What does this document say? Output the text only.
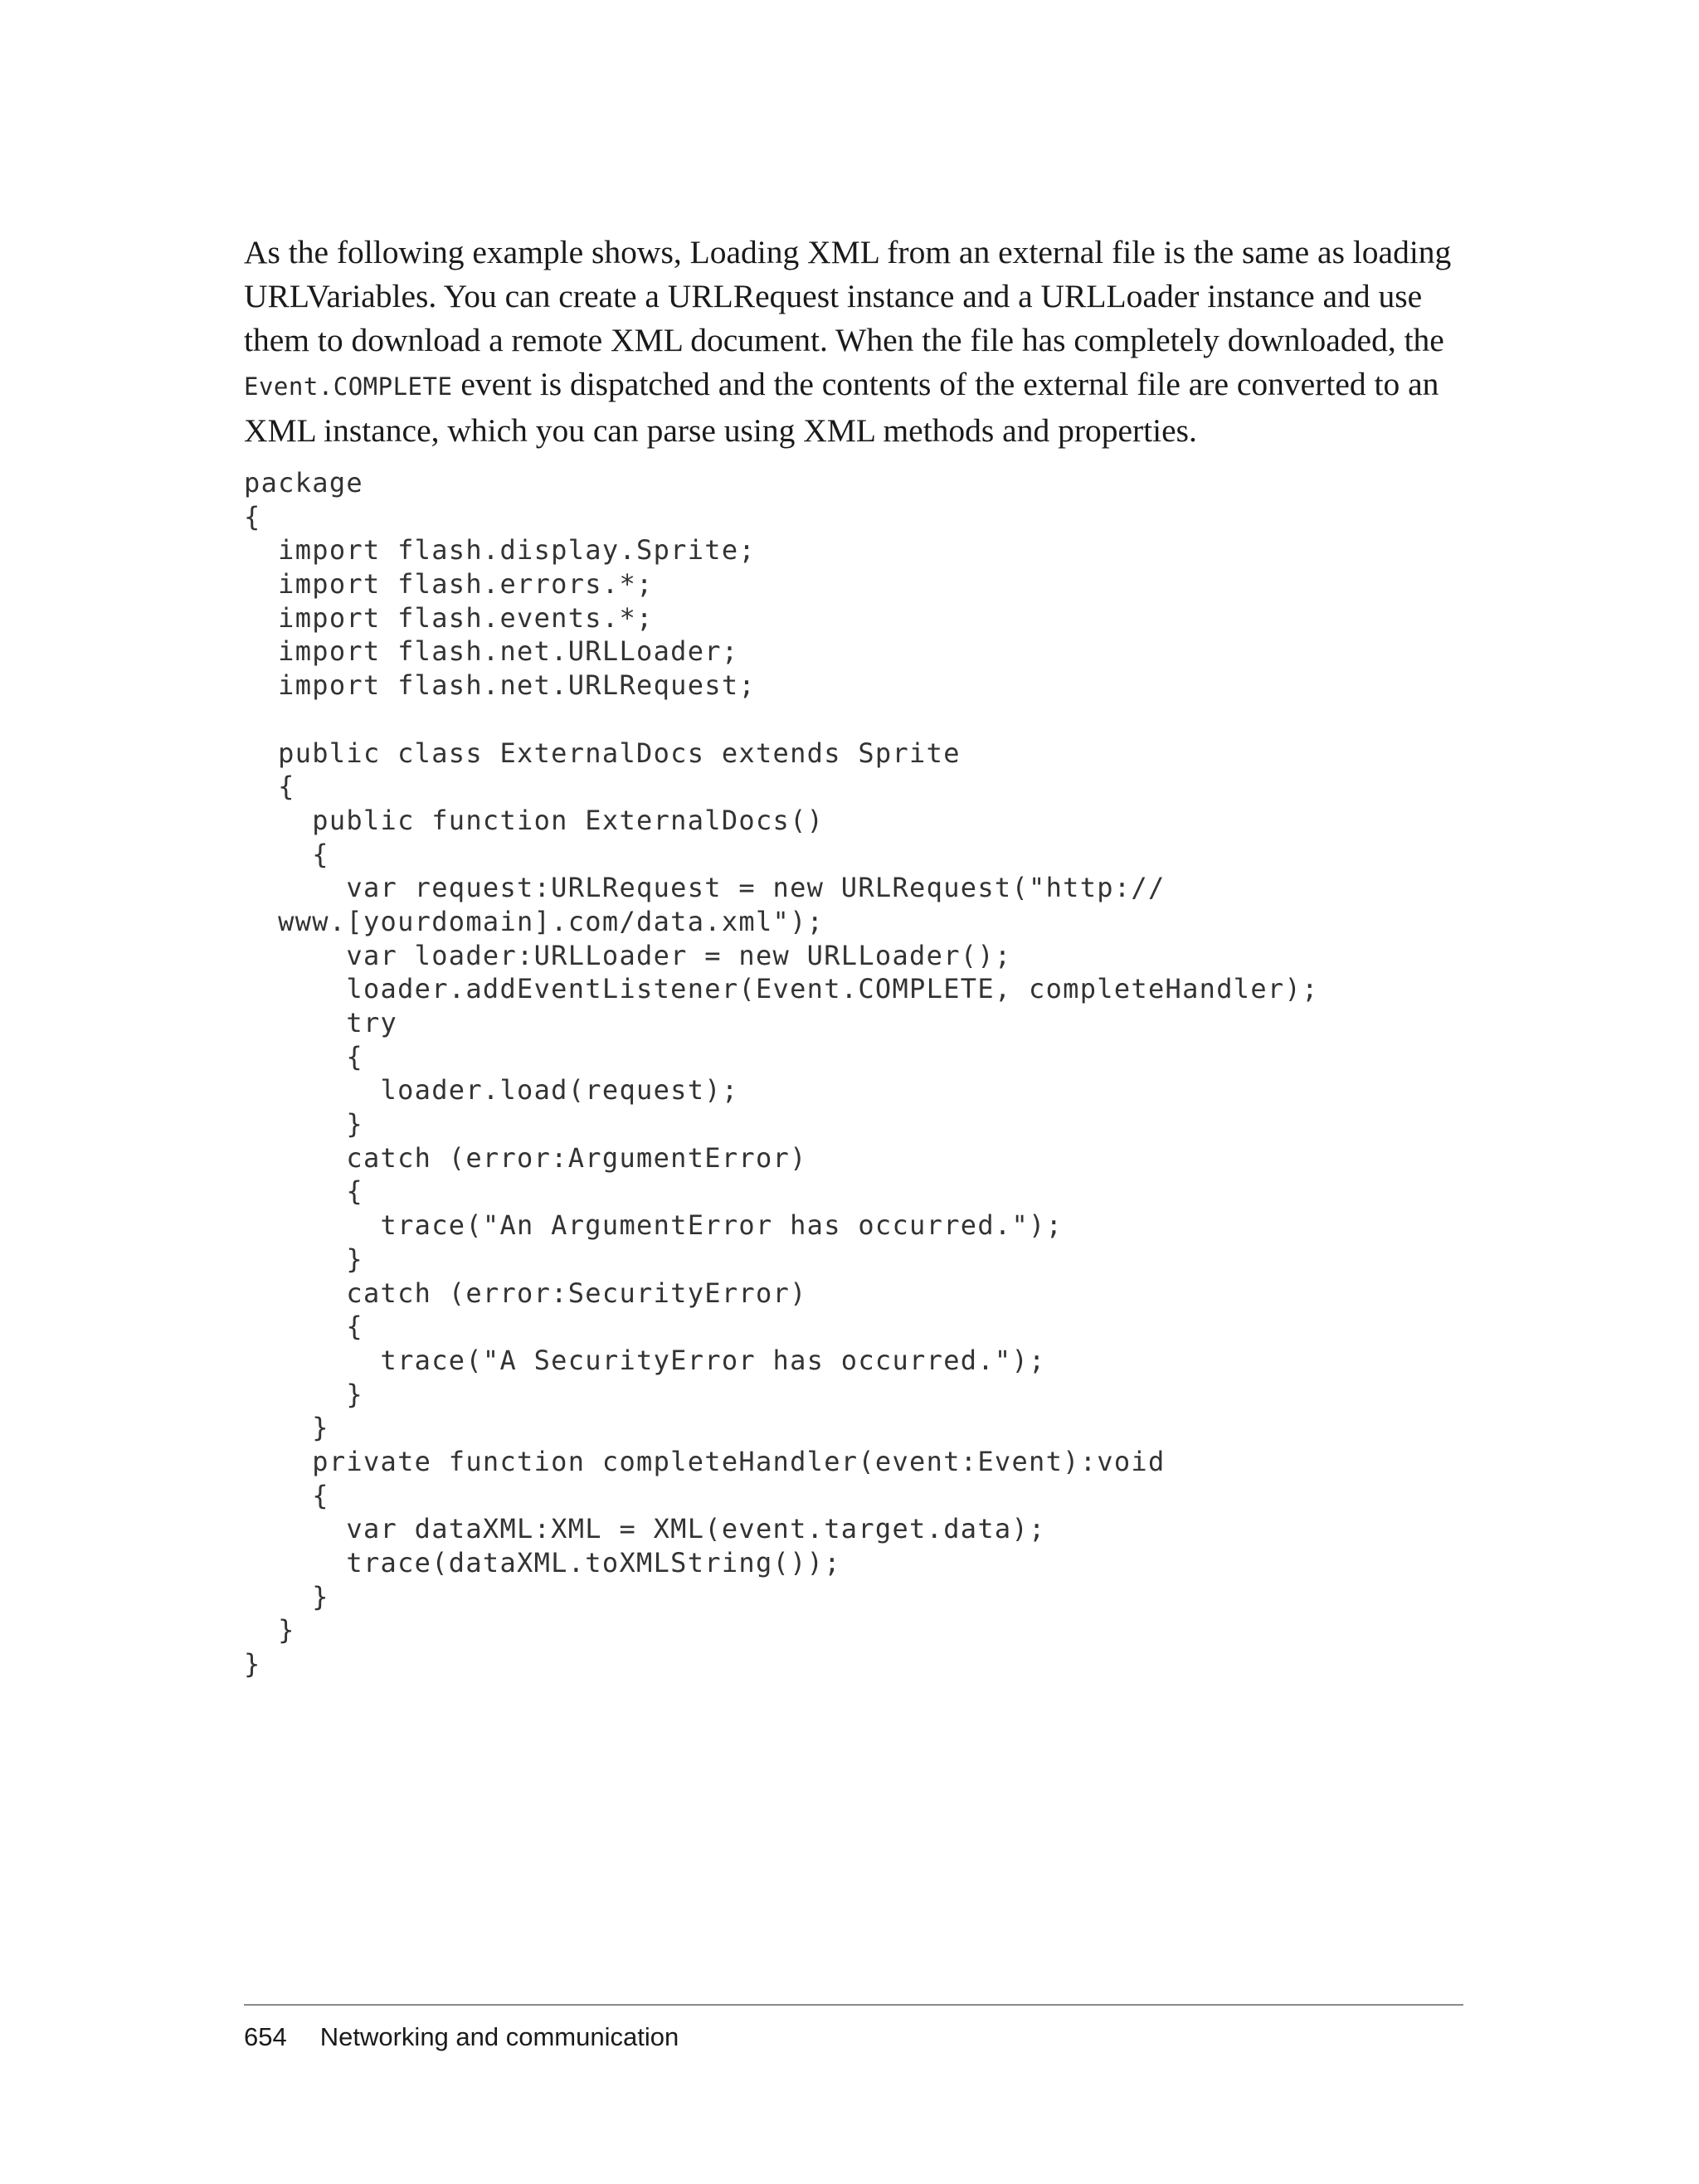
As the following example shows, Loading XML from an external file is the same as loading
URLVariables. You can create a URLRequest instance and a URLLoader instance and use
them to download a remote XML document. When the file has completely downloaded, the
Event.COMPLETE event is dispatched and the contents of the external file are converted to an
XML instance, which you can parse using XML methods and properties.

package
{
import flash.display.Sprite;
import flash.errors.*;
import flash.events.*;
import flash.net.URLLoader;
import flash.net.URLRequest;
public class ExternalDocs extends Sprite
{
public function ExternalDocs()
{
var request:URLRequest = new URLRequest("http://
www.[yourdomain].com/data.xml");
var loader:URLLoader = new URLLoader();
loader.addEventListener(Event.COMPLETE, completeHandler);
try
{
loader.load(request);
}
catch (error:ArgumentError)
{
trace("An ArgumentError has occurred.");
}
catch (error:SecurityError)
{
trace("A SecurityError has occurred.");
}
}
private function completeHandler(event:Event):void
{
var dataXML:XML = XML(event.target.data);
trace(dataXML.toXMLString());
}
}
}
654 Networking and communication
